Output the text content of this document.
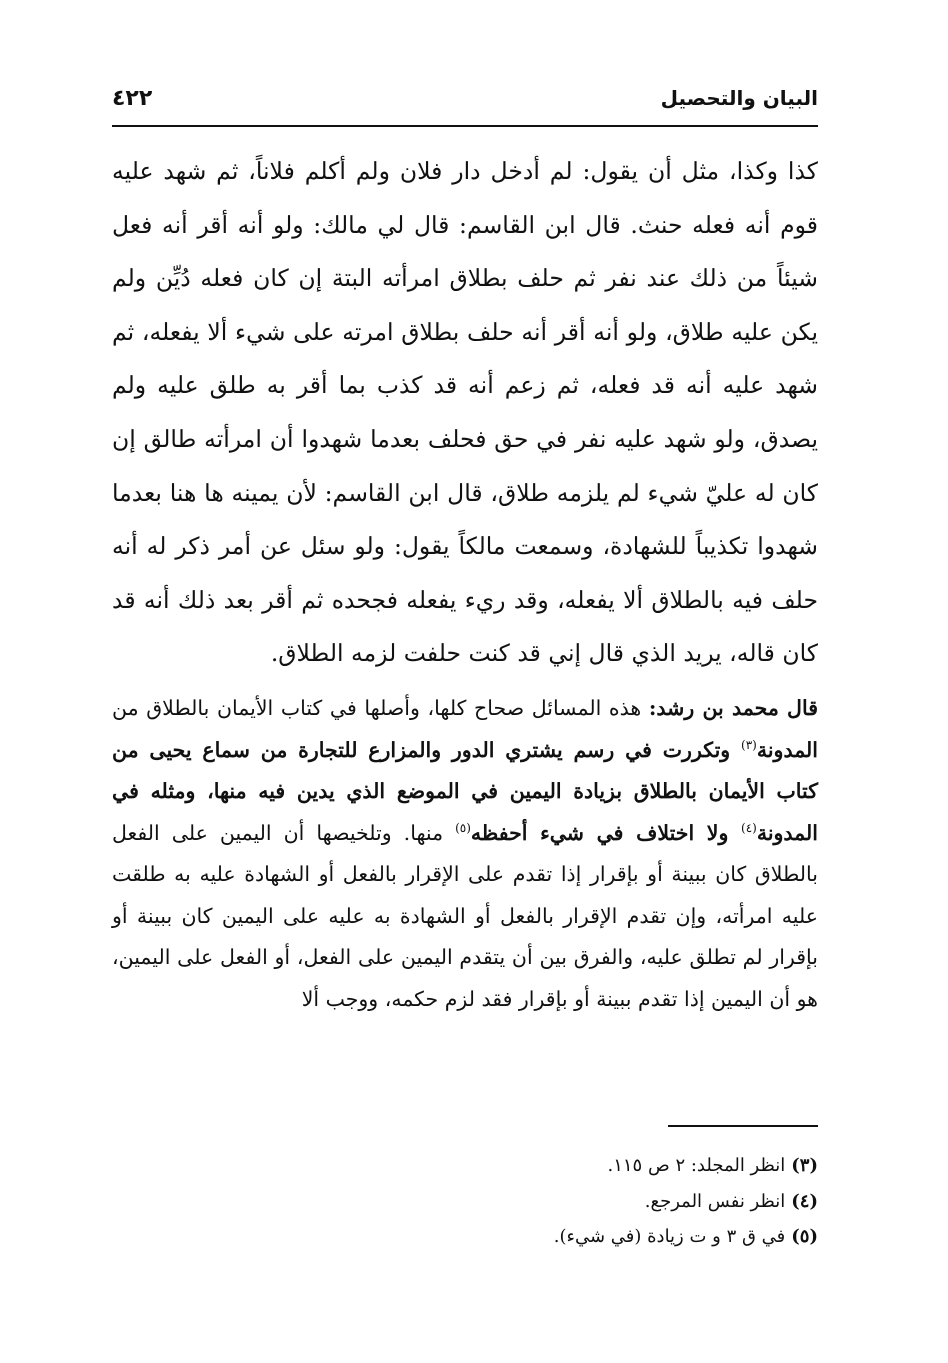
٤٢٢	البيان والتحصيل

كذا وكذا، مثل أن يقول: لم أدخل دار فلان ولم أكلم فلاناً، ثم شهد عليه قوم أنه فعله حنث. قال ابن القاسم: قال لي مالك: ولو أنه أقر أنه فعل شيئاً من ذلك عند نفر ثم حلف بطلاق امرأته البتة إن كان فعله دُيِّن ولم يكن عليه طلاق، ولو أنه أقر أنه حلف بطلاق امرته على شيء ألا يفعله، ثم شهد عليه أنه قد فعله، ثم زعم أنه قد كذب بما أقر به طلق عليه ولم يصدق، ولو شهد عليه نفر في حق فحلف بعدما شهدوا أن امرأته طالق إن كان له عليّ شيء لم يلزمه طلاق، قال ابن القاسم: لأن يمينه ها هنا بعدما شهدوا تكذيباً للشهادة، وسمعت مالكاً يقول: ولو سئل عن أمر ذكر له أنه حلف فيه بالطلاق ألا يفعله، وقد ريء يفعله فجحده ثم أقر بعد ذلك أنه قد كان قاله، يريد الذي قال إني قد كنت حلفت لزمه الطلاق.

قال محمد بن رشد: هذه المسائل صحاح كلها، وأصلها في كتاب الأيمان بالطلاق من المدونة$^{(٣)}$ وتكررت في رسم يشتري الدور والمزارع للتجارة من سماع يحيى من كتاب الأيمان بالطلاق بزيادة اليمين في الموضع الذي يدين فيه منها، ومثله في المدونة$^{(٤)}$ ولا اختلاف في شيء أحفظه$^{(٥)}$ منها. وتلخيصها أن اليمين على الفعل بالطلاق كان ببينة أو بإقرار إذا تقدم على الإقرار بالفعل أو الشهادة عليه به طلقت عليه امرأته، وإن تقدم الإقرار بالفعل أو الشهادة به عليه على اليمين كان ببينة أو بإقرار لم تطلق عليه، والفرق بين أن يتقدم اليمين على الفعل، أو الفعل على اليمين، هو أن اليمين إذا تقدم ببينة أو بإقرار فقد لزم حكمه، ووجب ألا

(٣)انظر المجلد: ٢ ص ١١٥.
(٤)انظر نفس المرجع.
(٥)في ق ٣ و ت زيادة (في شيء).
